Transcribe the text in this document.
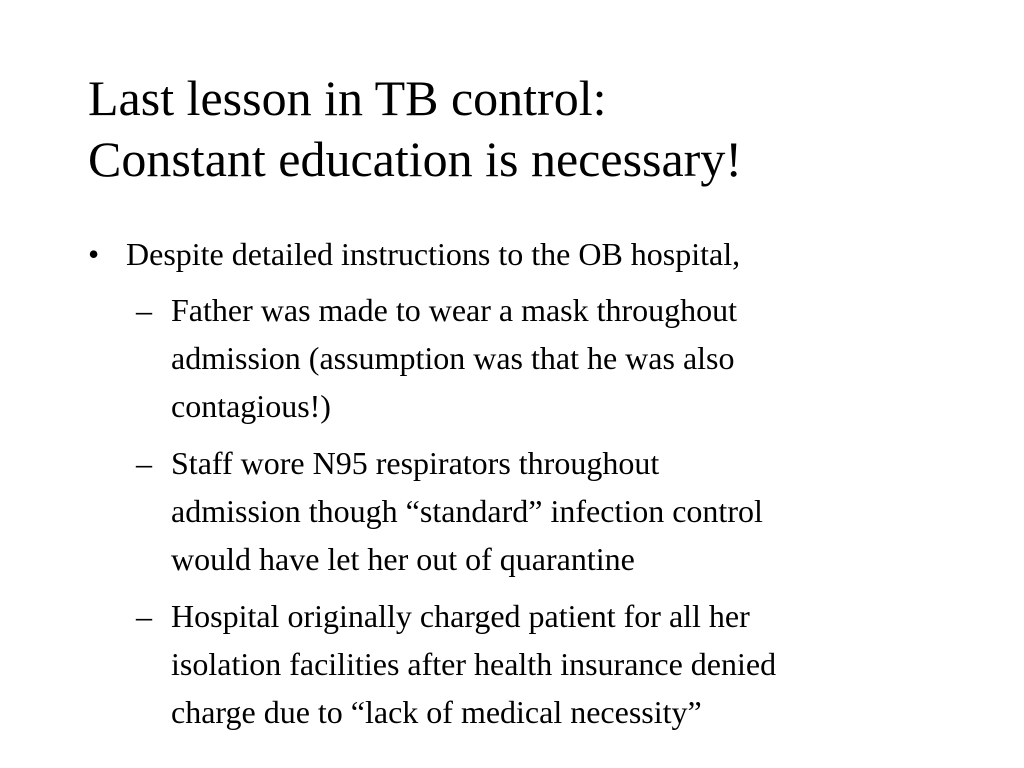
Last lesson in TB control:
Constant education is necessary!
• Despite detailed instructions to the OB hospital,
– Father was made to wear a mask throughout
admission (assumption was that he was also
contagious!)
– Staff wore N95 respirators throughout
admission though “standard” infection control
would have let her out of quarantine
– Hospital originally charged patient for all her
isolation facilities after health insurance denied
charge due to “lack of medical necessity”
